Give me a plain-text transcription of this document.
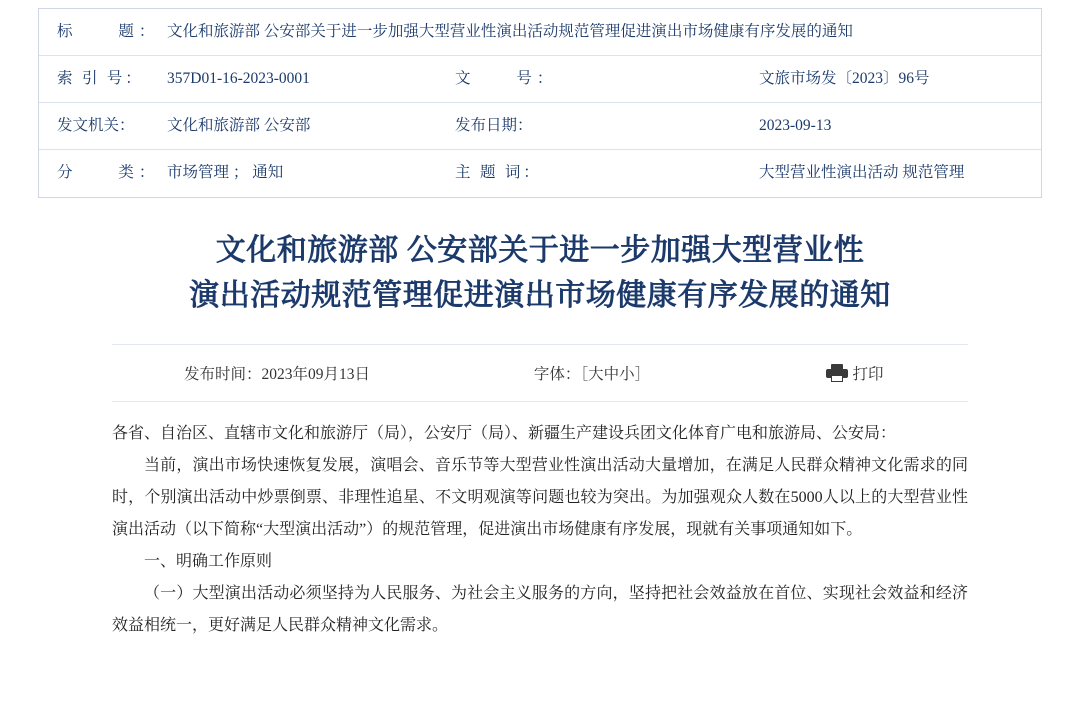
标　　题：	文化和旅游部 公安部关于进一步加强大型营业性演出活动规范管理促进演出市场健康有序发展的通知		
索 引 号：	357D01-16-2023-0001	文　　号：	文旅市场发〔2023〕96号
发文机关：	文化和旅游部 公安部	发布日期：	2023-09-13
分　　类：	市场管理 ； 通知	主 题 词：	大型营业性演出活动 规范管理
文化和旅游部 公安部关于进一步加强大型营业性
演出活动规范管理促进演出市场健康有序发展的通知
发布时间：2023年09月13日	字体：［大中小］	打印

各省、自治区、直辖市文化和旅游厅（局），公安厅（局）、新疆生产建设兵团文化体育广电和旅游局、公安局：

当前，演出市场快速恢复发展，演唱会、音乐节等大型营业性演出活动大量增加，在满足人民群众精神文化需求的同时，个别演出活动中炒票倒票、非理性追星、不文明观演等问题也较为突出。为加强观众人数在5000人以上的大型营业性演出活动（以下简称“大型演出活动”）的规范管理，促进演出市场健康有序发展，现就有关事项通知如下。

一、明确工作原则

（一）大型演出活动必须坚持为人民服务、为社会主义服务的方向，坚持把社会效益放在首位、实现社会效益和经济效益相统一，更好满足人民群众精神文化需求。
